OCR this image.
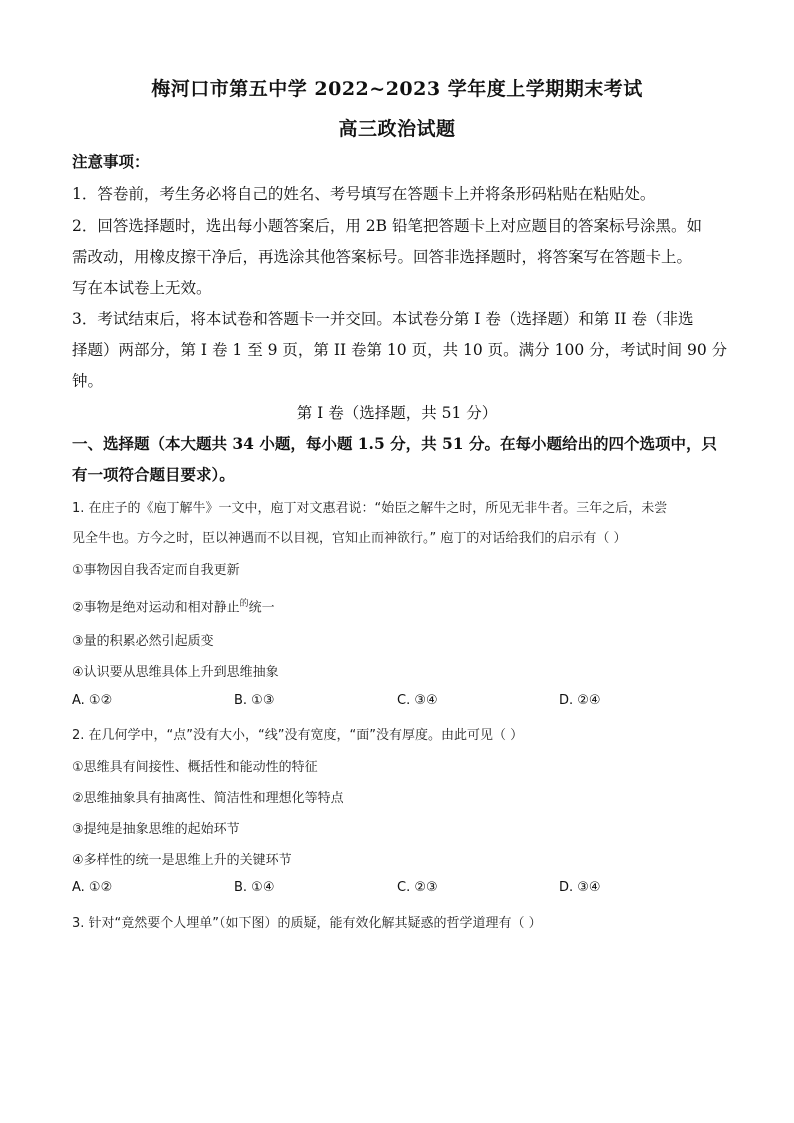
梅河口市第五中学 2022~2023 学年度上学期期末考试
高三政治试题
注意事项：
1．答卷前，考生务必将自己的姓名、考号填写在答题卡上并将条形码粘贴在粘贴处。
2．回答选择题时，选出每小题答案后，用 2B 铅笔把答题卡上对应题目的答案标号涂黑。如
需改动，用橡皮擦干净后，再选涂其他答案标号。回答非选择题时，将答案写在答题卡上。
写在本试卷上无效。
3．考试结束后，将本试卷和答题卡一并交回。本试卷分第 I 卷（选择题）和第 II 卷（非选
择题）两部分，第 I 卷 1 至 9 页，第 II 卷第 10 页，共 10 页。满分 100 分，考试时间 90 分
钟。
第 I 卷（选择题，共 51 分）
一、选择题（本大题共 34 小题，每小题 1.5 分，共 51 分。在每小题给出的四个选项中，只
有一项符合题目要求）。
1. 在庄子的《庖丁解牛》一文中，庖丁对文惠君说：“始臣之解牛之时，所见无非牛者。三年之后，未尝
见全牛也。方今之时，臣以神遇而不以目视，官知止而神欲行。” 庖丁的对话给我们的启示有（ ）
①事物因自我否定而自我更新
②事物是绝对运动和相对静止$^的$统一
③量的积累必然引起质变
④认识要从思维具体上升到思维抽象
A. ①②	B. ①③	C. ③④	D. ②④
2. 在几何学中，“点”没有大小，“线”没有宽度，“面”没有厚度。由此可见（ ）
①思维具有间接性、概括性和能动性的特征
②思维抽象具有抽离性、简洁性和理想化等特点
③提纯是抽象思维的起始环节
④多样性的统一是思维上升的关键环节
A. ①②	B. ①④	C. ②③	D. ③④
3. 针对“竟然要个人埋单”（如下图）的质疑，能有效化解其疑惑的哲学道理有（ ）
